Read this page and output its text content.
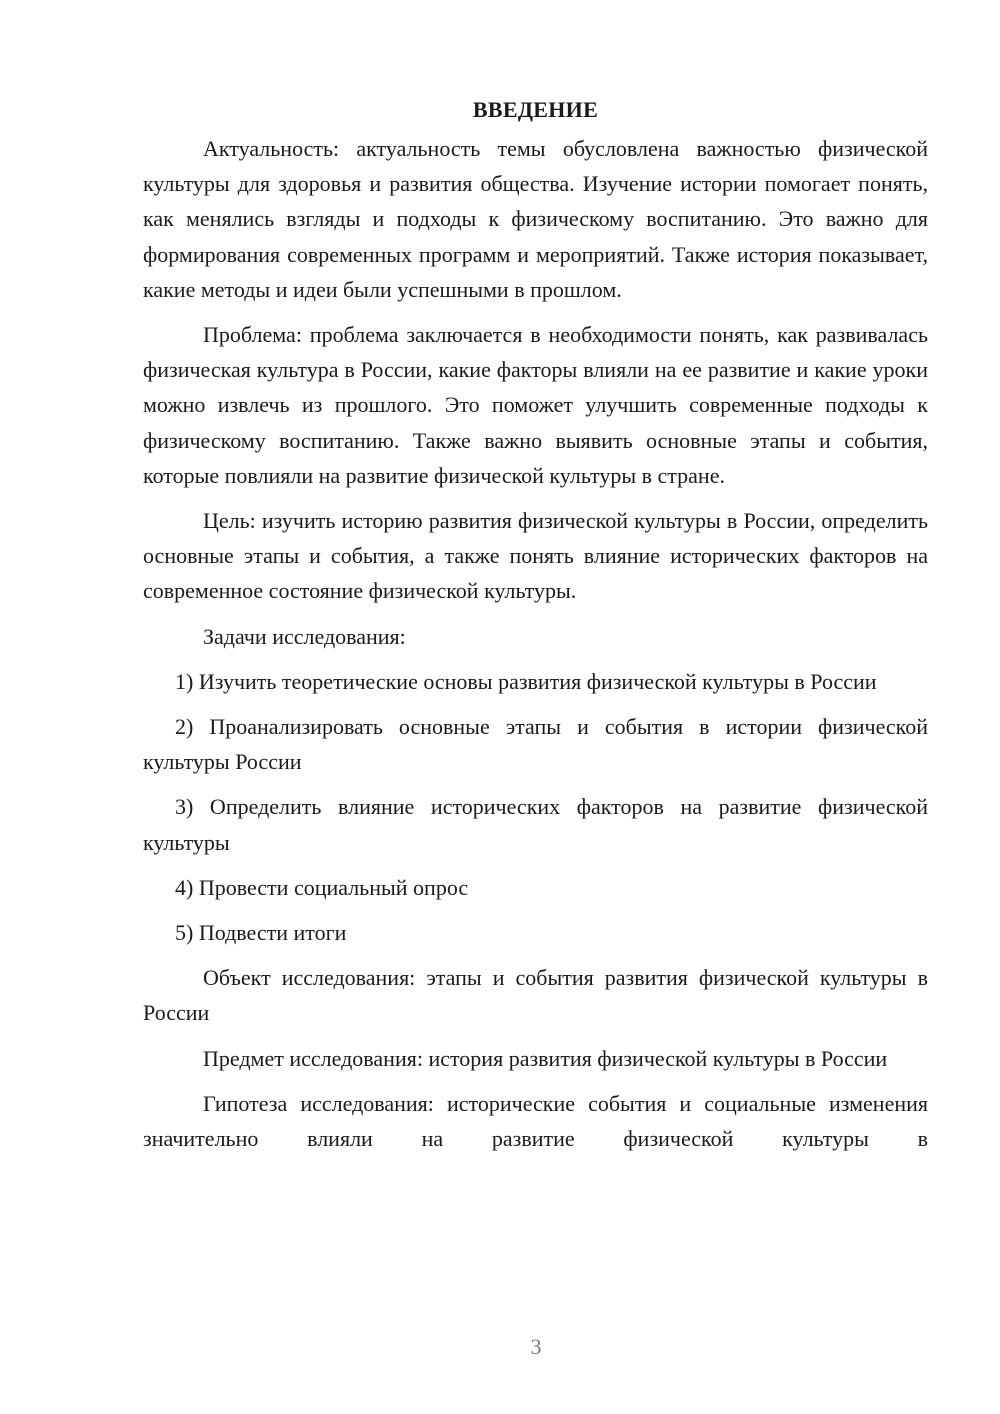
ВВЕДЕНИЕ

Актуальность: актуальность темы обусловлена важностью физической культуры для здоровья и развития общества. Изучение истории помогает понять, как менялись взгляды и подходы к физическому воспитанию. Это важно для формирования современных программ и мероприятий. Также история показывает, какие методы и идеи были успешными в прошлом.

Проблема: проблема заключается в необходимости понять, как развивалась физическая культура в России, какие факторы влияли на ее развитие и какие уроки можно извлечь из прошлого. Это поможет улучшить современные подходы к физическому воспитанию. Также важно выявить основные этапы и события, которые повлияли на развитие физической культуры в стране.

Цель: изучить историю развития физической культуры в России, определить основные этапы и события, а также понять влияние исторических факторов на современное состояние физической культуры.

Задачи исследования:

1) Изучить теоретические основы развития физической культуры в России

2) Проанализировать основные этапы и события в истории физической культуры России

3) Определить влияние исторических факторов на развитие физической культуры

4) Провести социальный опрос

5) Подвести итоги

Объект исследования: этапы и события развития физической культуры в России

Предмет исследования: история развития физической культуры в России

Гипотеза исследования: исторические события и социальные изменения значительно влияли на развитие физической культуры в

3
